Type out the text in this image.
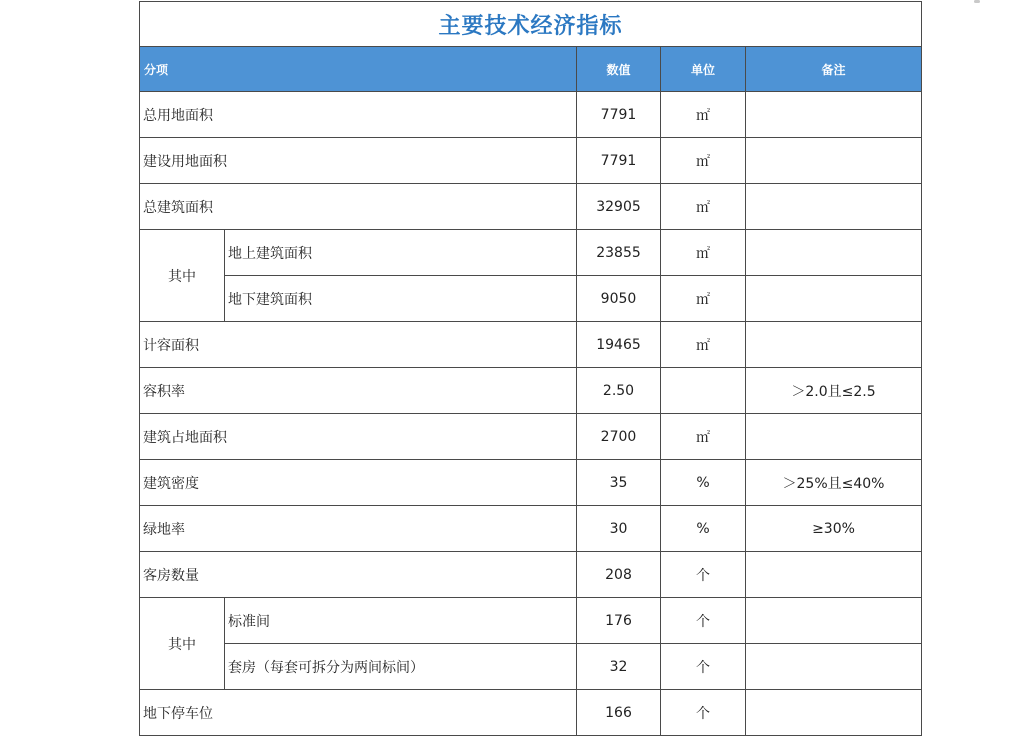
主要技术经济指标				
分项		数值	单位	备注
总用地面积		7791	㎡	
建设用地面积		7791	㎡	
总建筑面积		32905	㎡	
其中	地上建筑面积	23855	㎡	
	地下建筑面积	9050	㎡	
计容面积		19465	㎡	
容积率		2.50		＞2.0且≤2.5
建筑占地面积		2700	㎡	
建筑密度		35	%	＞25%且≤40%
绿地率		30	%	≥30%
客房数量		208	个	
其中	标准间	176	个	
	套房（每套可拆分为两间标间）	32	个	
地下停车位		166	个	
